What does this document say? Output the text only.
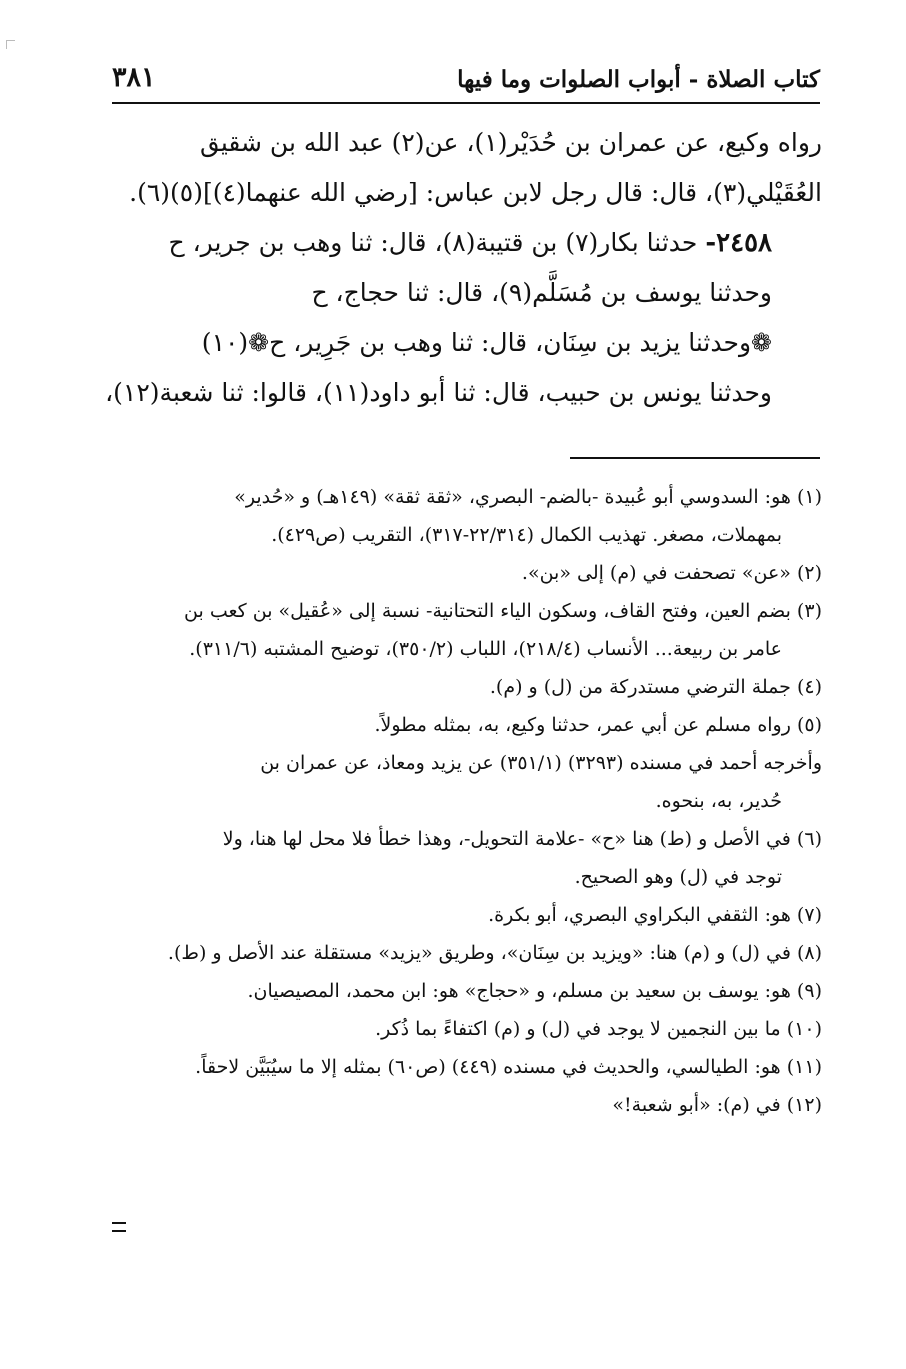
كتاب الصلاة - أبواب الصلوات وما فيها
٣٨١
رواه وكيع، عن عمران بن حُدَيْر(١)، عن(٢) عبد الله بن شقيق
العُقَيْلي(٣)، قال: قال رجل لابن عباس: [رضي الله عنهما(٤)](٥)(٦).
٢٤٥٨- حدثنا بكار(٧) بن قتيبة(٨)، قال: ثنا وهب بن جرير، ح
وحدثنا يوسف بن مُسَلَّم(٩)، قال: ثنا حجاج، ح
❁وحدثنا يزيد بن سِنَان، قال: ثنا وهب بن جَرِير، ح❁(١٠)
وحدثنا يونس بن حبيب، قال: ثنا أبو داود(١١)، قالوا: ثنا شعبة(١٢)،
(١) هو: السدوسي أبو عُبيدة -بالضم- البصري، «ثقة ثقة» (١٤٩هـ) و «حُدير»
بمهملات، مصغر. تهذيب الكمال (٢٢/٣١٤-٣١٧)، التقريب (ص٤٢٩).
(٢) «عن» تصحفت في (م) إلى «بن».
(٣) بضم العين، وفتح القاف، وسكون الياء التحتانية- نسبة إلى «عُقيل» بن كعب بن
عامر بن ربيعة... الأنساب (٢١٨/٤)، اللباب (٣٥٠/٢)، توضيح المشتبه (٣١١/٦).
(٤) جملة الترضي مستدركة من (ل) و (م).
(٥) رواه مسلم عن أبي عمر، حدثنا وكيع، به، بمثله مطولاً.
وأخرجه أحمد في مسنده (٣٢٩٣) (٣٥١/١) عن يزيد ومعاذ، عن عمران بن
حُدير، به، بنحوه.
(٦) في الأصل و (ط) هنا «ح» -علامة التحويل-، وهذا خطأ فلا محل لها هنا، ولا
توجد في (ل) وهو الصحيح.
(٧) هو: الثقفي البكراوي البصري، أبو بكرة.
(٨) في (ل) و (م) هنا: «ويزيد بن سِنَان»، وطريق «يزيد» مستقلة عند الأصل و (ط).
(٩) هو: يوسف بن سعيد بن مسلم، و «حجاج» هو: ابن محمد، المصيصيان.
(١٠) ما بين النجمين لا يوجد في (ل) و (م) اكتفاءً بما ذُكر.
(١١) هو: الطيالسي، والحديث في مسنده (٤٤٩) (ص٦٠) بمثله إلا ما سيُبَيَّن لاحقاً.
(١٢) في (م): «أبو شعبة!»
